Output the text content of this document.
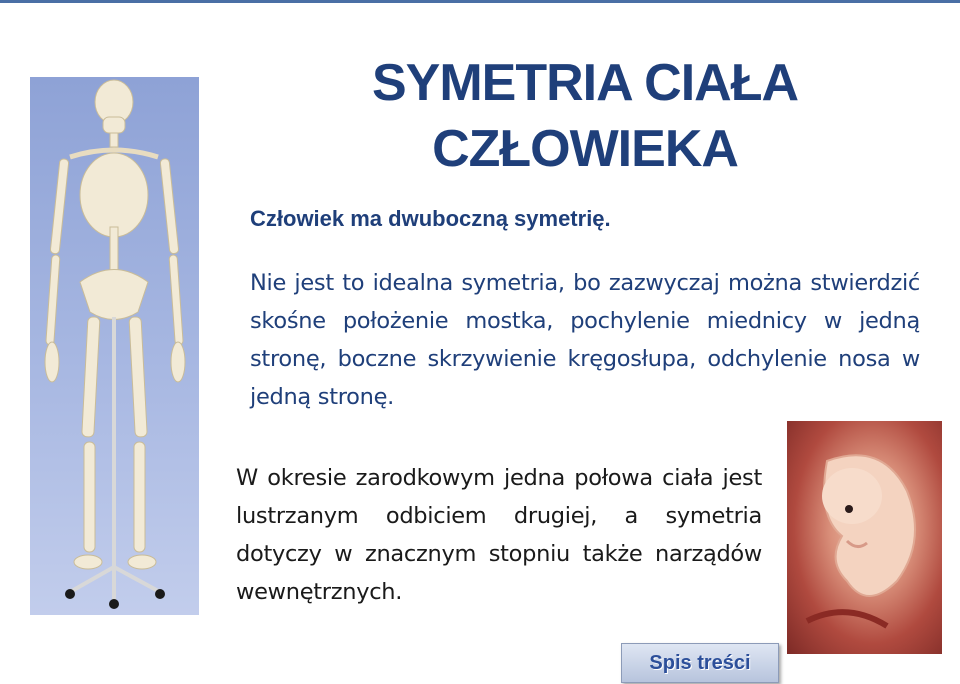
SYMETRIA CIAŁA
CZŁOWIEKA
Człowiek ma dwuboczną symetrię.
Nie jest to idealna symetria, bo zazwyczaj można stwierdzić skośne położenie mostka, pochylenie miednicy w jedną stronę, boczne skrzywienie kręgosłupa, odchylenie nosa w jedną stronę.
W okresie zarodkowym jedna połowa ciała jest lustrzanym odbiciem drugiej, a symetria dotyczy w znacznym stopniu także narządów wewnętrznych.
Spis treści
